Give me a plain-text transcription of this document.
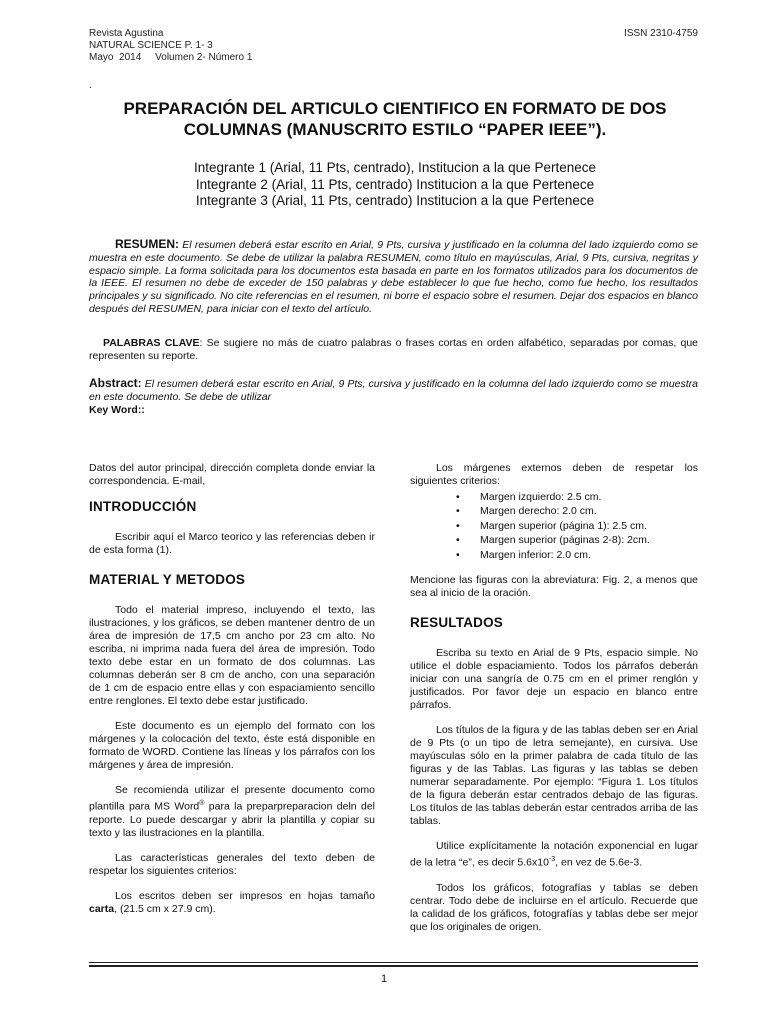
Revista Agustina
NATURAL SCIENCE P. 1- 3
Mayo  2014     Volumen 2- Número 1
ISSN 2310-4759
.
PREPARACIÓN DEL ARTICULO CIENTIFICO EN FORMATO DE DOS COLUMNAS (MANUSCRITO ESTILO “PAPER IEEE”).
Integrante 1 (Arial, 11 Pts, centrado), Institucion a la que Pertenece
Integrante 2 (Arial, 11 Pts, centrado) Institucion a la que Pertenece
Integrante 3 (Arial, 11 Pts, centrado) Institucion a la que Pertenece
RESUMEN: El resumen deberá estar escrito en Arial, 9 Pts, cursiva y justificado en la columna del lado izquierdo como se muestra en este documento. Se debe de utilizar la palabra RESUMEN, como título en mayúsculas, Arial, 9 Pts, cursiva, negritas y espacio simple. La forma solicitada para los documentos esta basada en parte en los formatos utilizados para los documentos de la IEEE. El resumen no debe de exceder de 150 palabras y debe establecer lo que fue hecho, como fue hecho, los resultados principales y su significado. No cite referencias en el resumen, ni borre el espacio sobre el resumen. Dejar dos espacios en blanco después del RESUMEN, para iniciar con el texto del artículo.
PALABRAS CLAVE: Se sugiere no más de cuatro palabras o frases cortas en orden alfabético, separadas por comas, que representen su reporte.
Abstract: El resumen deberá estar escrito en Arial, 9 Pts, cursiva y justificado en la columna del lado izquierdo como se muestra en este documento. Se debe de utilizar
Key Word::

Datos del autor principal, dirección completa donde enviar la correspondencia. E-mail,

INTRODUCCIÓN

Escribir aquí el Marco teorico y las referencias deben ir de esta forma (1).

MATERIAL Y METODOS

Todo el material impreso, incluyendo el texto, las ilustraciones, y los gráficos, se deben mantener dentro de un área de impresión de 17,5 cm ancho por 23 cm alto. No escriba, ni imprima nada fuera del área de impresión. Todo texto debe estar en un formato de dos columnas. Las columnas deberán ser 8 cm de ancho, con una separación de 1 cm de espacio entre ellas y con espaciamiento sencillo entre renglones. El texto debe estar justificado.

Este documento es un ejemplo del formato con los márgenes y la colocación del texto, éste está disponible en formato de WORD. Contiene las líneas y los párrafos con los márgenes y área de impresión.

Se recomienda utilizar el presente documento como plantilla para MS Word® para la preparpreparacion deln del reporte. Lo puede descargar y abrir la plantilla y copiar su texto y las ilustraciones en la plantilla.

Las características generales del texto deben de respetar los siguientes criterios:

Los escritos deben ser impresos en hojas tamaño carta, (21.5 cm x 27.9 cm).

Los márgenes externos deben de respetar los siguientes criterios:

• Margen izquierdo: 2.5 cm.
• Margen derecho: 2.0 cm.
• Margen superior (página 1): 2.5 cm.
• Margen superior (páginas 2-8): 2cm.
• Margen inferior: 2.0 cm.

Mencione las figuras con la abreviatura: Fig. 2, a menos que sea al inicio de la oración.

RESULTADOS

Escriba su texto en Arial de 9 Pts, espacio simple. No utilice el doble espaciamiento. Todos los párrafos deberán iniciar con una sangría de 0.75 cm en el primer renglón y justificados. Por favor deje un espacio en blanco entre párrafos.

Los títulos de la figura y de las tablas deben ser en Arial de 9 Pts (o un tipo de letra semejante), en cursiva. Use mayúsculas sólo en la primer palabra de cada título de las figuras y de las Tablas. Las figuras y las tablas se deben numerar separadamente. Por ejemplo: “Figura 1. Los títulos de la figura deberán estar centrados debajo de las figuras. Los títulos de las tablas deberán estar centrados arriba de las tablas.

Utilice explícitamente la notación exponencial en lugar de la letra “e”, es decir $5.6x10^{-3}$, en vez de 5.6e-3.

Todos los gráficos, fotografías y tablas se deben centrar. Todo debe de incluirse en el artículo. Recuerde que la calidad de los gráficos, fotografías y tablas debe ser mejor que los originales de origen.

1
